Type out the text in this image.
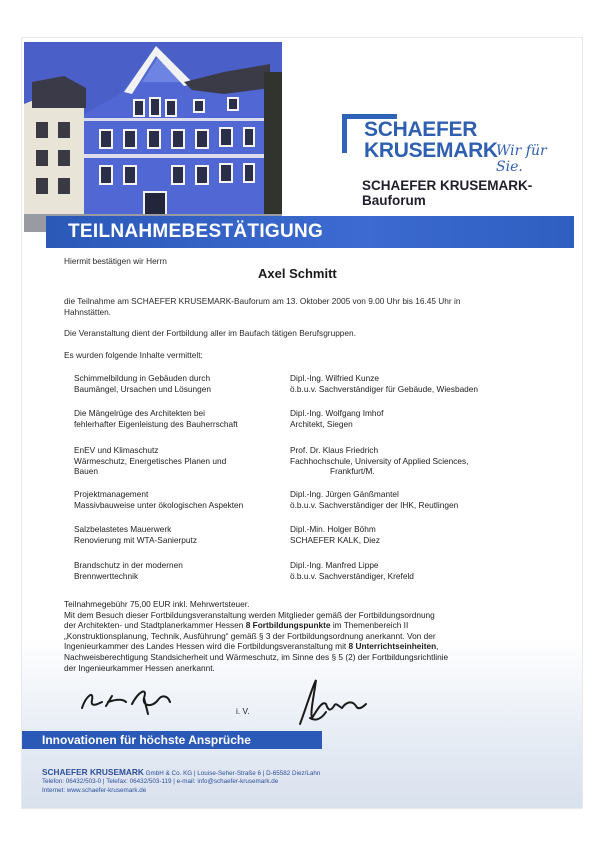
SCHAEFER
KRUSEMARK
Wir für Sie.
SCHAEFER KRUSEMARK-Bauforum
TEILNAHMEBESTÄTIGUNG
Hiermit bestätigen wir Herrn
Axel Schmitt
die Teilnahme am SCHAEFER KRUSEMARK-Bauforum am 13. Oktober 2005 von 9.00 Uhr bis 16.45 Uhr in
Hahnstätten.
Die Veranstaltung dient der Fortbildung aller im Baufach tätigen Berufsgruppen.
Es wurden folgende Inhalte vermittelt:
Schimmelbildung in Gebäuden durch
Baumängel, Ursachen und Lösungen
Dipl.-Ing. Wilfried Kunze
ö.b.u.v. Sachverständiger für Gebäude, Wiesbaden
Die Mängelrüge des Architekten bei
fehlerhafter Eigenleistung des Bauherrschaft
Dipl.-Ing. Wolfgang Imhof
Architekt, Siegen
EnEV und Klimaschutz
Wärmeschutz, Energetisches Planen und
Bauen
Prof. Dr. Klaus Friedrich
Fachhochschule, University of Applied Sciences,
Frankfurt/M.
Projektmanagement
Massivbauweise unter ökologischen Aspekten
Dipl.-Ing. Jürgen Gänßmantel
ö.b.u.v. Sachverständiger der IHK, Reutlingen
Salzbelastetes Mauerwerk
Renovierung mit WTA-Sanierputz
Dipl.-Min. Holger Böhm
SCHAEFER KALK, Diez
Brandschutz in der modernen
Brennwerttechnik
Dipl.-Ing. Manfred Lippe
ö.b.u.v. Sachverständiger, Krefeld
Teilnahmegebühr 75,00 EUR inkl. Mehrwertsteuer.
Mit dem Besuch dieser Fortbildungsveranstaltung werden Mitglieder gemäß der Fortbildungsordnung
der Architekten- und Stadtplanerkammer Hessen 8 Fortbildungspunkte im Themenbereich II
„Konstruktionsplanung, Technik, Ausführung“ gemäß § 3 der Fortbildungsordnung anerkannt. Von der
Ingenieurkammer des Landes Hessen wird die Fortbildungsveranstaltung mit 8 Unterrichtseinheiten,
Nachweisberechtigung Standsicherheit und Wärmeschutz, im Sinne des § 5 (2) der Fortbildungsrichtlinie
der Ingenieurkammer Hessen anerkannt.
i. V.
Innovationen für höchste Ansprüche
SCHAEFER KRUSEMARK GmbH & Co. KG | Louise-Seher-Straße 6 | D-65582 Diez/Lahn
Telefon: 06432/503-0 | Telefax: 06432/503-119 | e-mail: info@schaefer-krusemark.de
Internet: www.schaefer-krusemark.de
